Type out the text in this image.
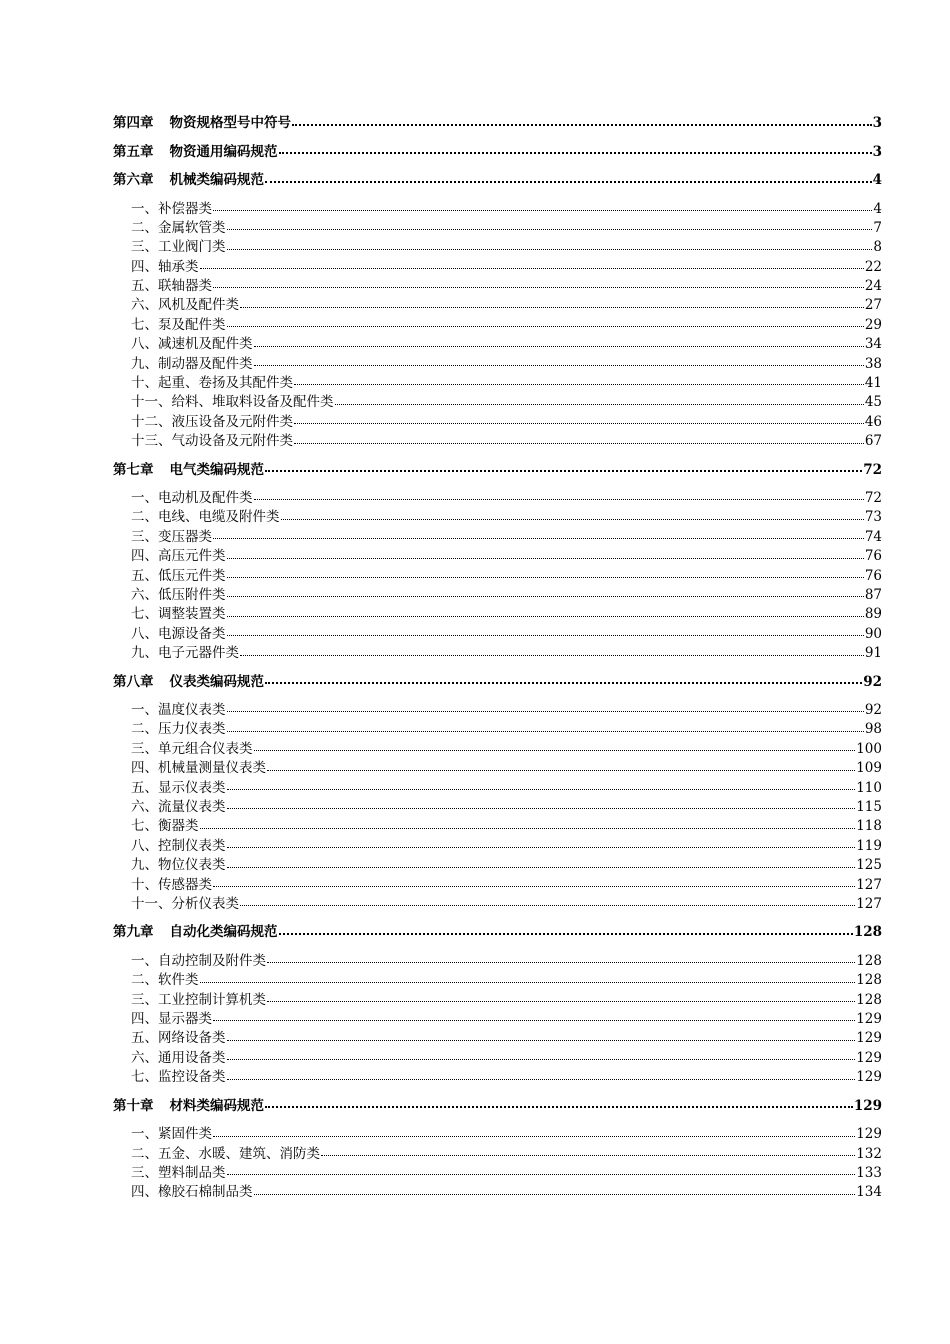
第四章 物资规格型号中符号	3
第五章 物资通用编码规范	3
第六章 机械类编码规范	4
一、补偿器类	4
二、金属软管类	7
三、工业阀门类	8
四、轴承类	22
五、联轴器类	24
六、风机及配件类	27
七、泵及配件类	29
八、减速机及配件类	34
九、制动器及配件类	38
十、起重、卷扬及其配件类	41
十一、给料、堆取料设备及配件类	45
十二、液压设备及元附件类	46
十三、气动设备及元附件类	67
第七章 电气类编码规范	72
一、电动机及配件类	72
二、电线、电缆及附件类	73
三、变压器类	74
四、高压元件类	76
五、低压元件类	76
六、低压附件类	87
七、调整装置类	89
八、电源设备类	90
九、电子元器件类	91
第八章 仪表类编码规范	92
一、温度仪表类	92
二、压力仪表类	98
三、单元组合仪表类	100
四、机械量测量仪表类	109
五、显示仪表类	110
六、流量仪表类	115
七、衡器类	118
八、控制仪表类	119
九、物位仪表类	125
十、传感器类	127
十一、分析仪表类	127
第九章 自动化类编码规范	128
一、自动控制及附件类	128
二、软件类	128
三、工业控制计算机类	128
四、显示器类	129
五、网络设备类	129
六、通用设备类	129
七、监控设备类	129
第十章 材料类编码规范	129
一、紧固件类	129
二、五金、水暖、建筑、消防类	132
三、塑料制品类	133
四、橡胶石棉制品类	134
